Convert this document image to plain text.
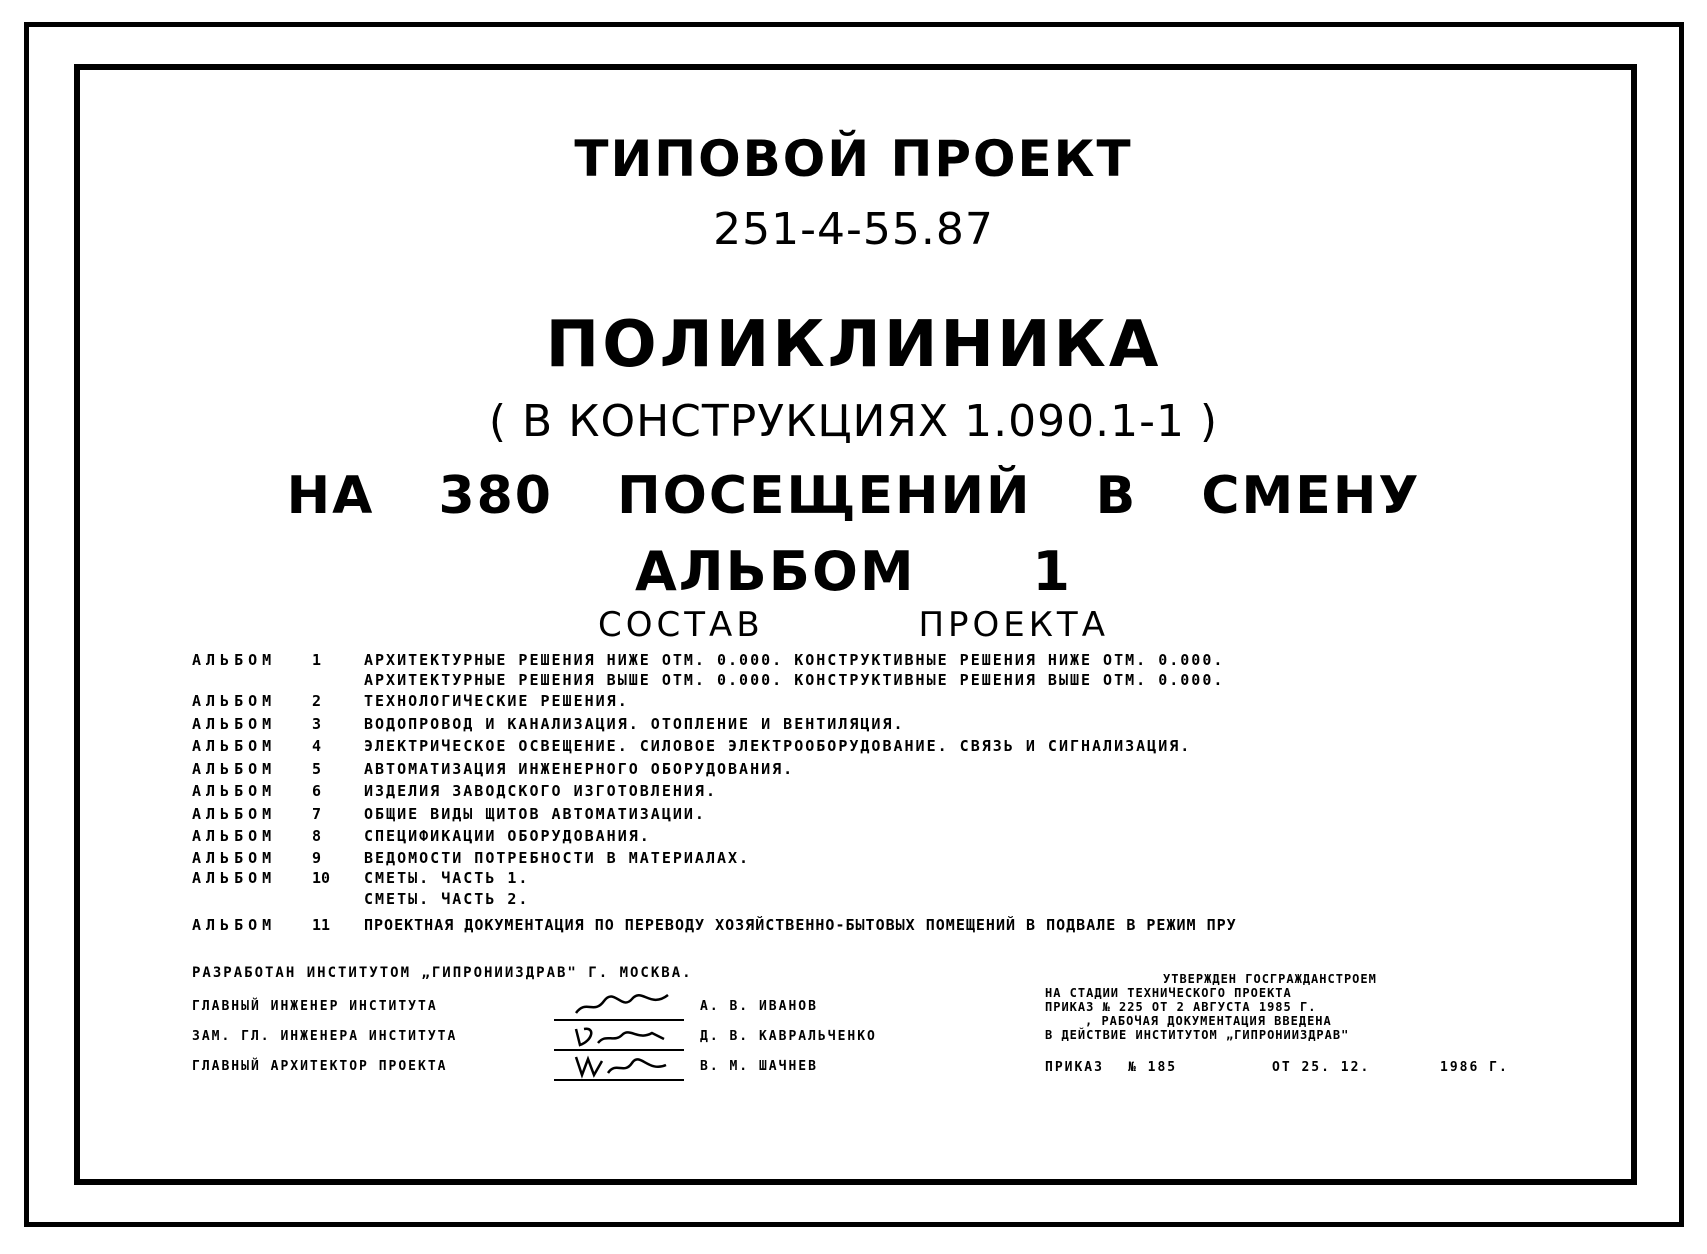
ТИПОВОЙ ПРОЕКТ
251-4-55.87
ПОЛИКЛИНИКА
( В КОНСТРУКЦИЯХ 1.090.1-1 )
НА 380 ПОСЕЩЕНИЙ В СМЕНУ
АЛЬБОМ 1
СОСТАВ	ПРОЕКТА
АЛЬБОМ	1	АРХИТЕКТУРНЫЕ РЕШЕНИЯ НИЖЕ ОТМ. 0.000. КОНСТРУКТИВНЫЕ РЕШЕНИЯ НИЖЕ ОТМ. 0.000.
АРХИТЕКТУРНЫЕ РЕШЕНИЯ ВЫШЕ ОТМ. 0.000. КОНСТРУКТИВНЫЕ РЕШЕНИЯ ВЫШЕ ОТМ. 0.000.
АЛЬБОМ	2	ТЕХНОЛОГИЧЕСКИЕ РЕШЕНИЯ.
АЛЬБОМ	3	ВОДОПРОВОД И КАНАЛИЗАЦИЯ. ОТОПЛЕНИЕ И ВЕНТИЛЯЦИЯ.
АЛЬБОМ	4	ЭЛЕКТРИЧЕСКОЕ ОСВЕЩЕНИЕ. СИЛОВОЕ ЭЛЕКТРООБОРУДОВАНИЕ. СВЯЗЬ И СИГНАЛИЗАЦИЯ.
АЛЬБОМ	5	АВТОМАТИЗАЦИЯ ИНЖЕНЕРНОГО ОБОРУДОВАНИЯ.
АЛЬБОМ	6	ИЗДЕЛИЯ ЗАВОДСКОГО ИЗГОТОВЛЕНИЯ.
АЛЬБОМ	7	ОБЩИЕ ВИДЫ ЩИТОВ АВТОМАТИЗАЦИИ.
АЛЬБОМ	8	СПЕЦИФИКАЦИИ ОБОРУДОВАНИЯ.
АЛЬБОМ	9	ВЕДОМОСТИ ПОТРЕБНОСТИ В МАТЕРИАЛАХ.
АЛЬБОМ	10	СМЕТЫ. ЧАСТЬ 1.
СМЕТЫ. ЧАСТЬ 2.
АЛЬБОМ	11	ПРОЕКТНАЯ ДОКУМЕНТАЦИЯ ПО ПЕРЕВОДУ ХОЗЯЙСТВЕННО-БЫТОВЫХ ПОМЕЩЕНИЙ В ПОДВАЛЕ В РЕЖИМ ПРУ
РАЗРАБОТАН ИНСТИТУТОМ „ГИПРОНИИЗДРАВ" Г. МОСКВА.
ГЛАВНЫЙ ИНЖЕНЕР ИНСТИТУТА	А. В. ИВАНОВ
ЗАМ. ГЛ. ИНЖЕНЕРА ИНСТИТУТА	Д. В. КАВРАЛЬЧЕНКО
ГЛАВНЫЙ АРХИТЕКТОР ПРОЕКТА	В. М. ШАЧНЕВ
УТВЕРЖДЕН ГОСГРАЖДАНСТРОЕМ
НА СТАДИИ ТЕХНИЧЕСКОГО ПРОЕКТА
ПРИКАЗ № 225 ОТ 2 АВГУСТА 1985 Г.
, РАБОЧАЯ ДОКУМЕНТАЦИЯ ВВЕДЕНА
В ДЕЙСТВИЕ ИНСТИТУТОМ „ГИПРОНИИЗДРАВ"
ПРИКАЗ № 185	ОТ 25. 12.	1986 Г.
